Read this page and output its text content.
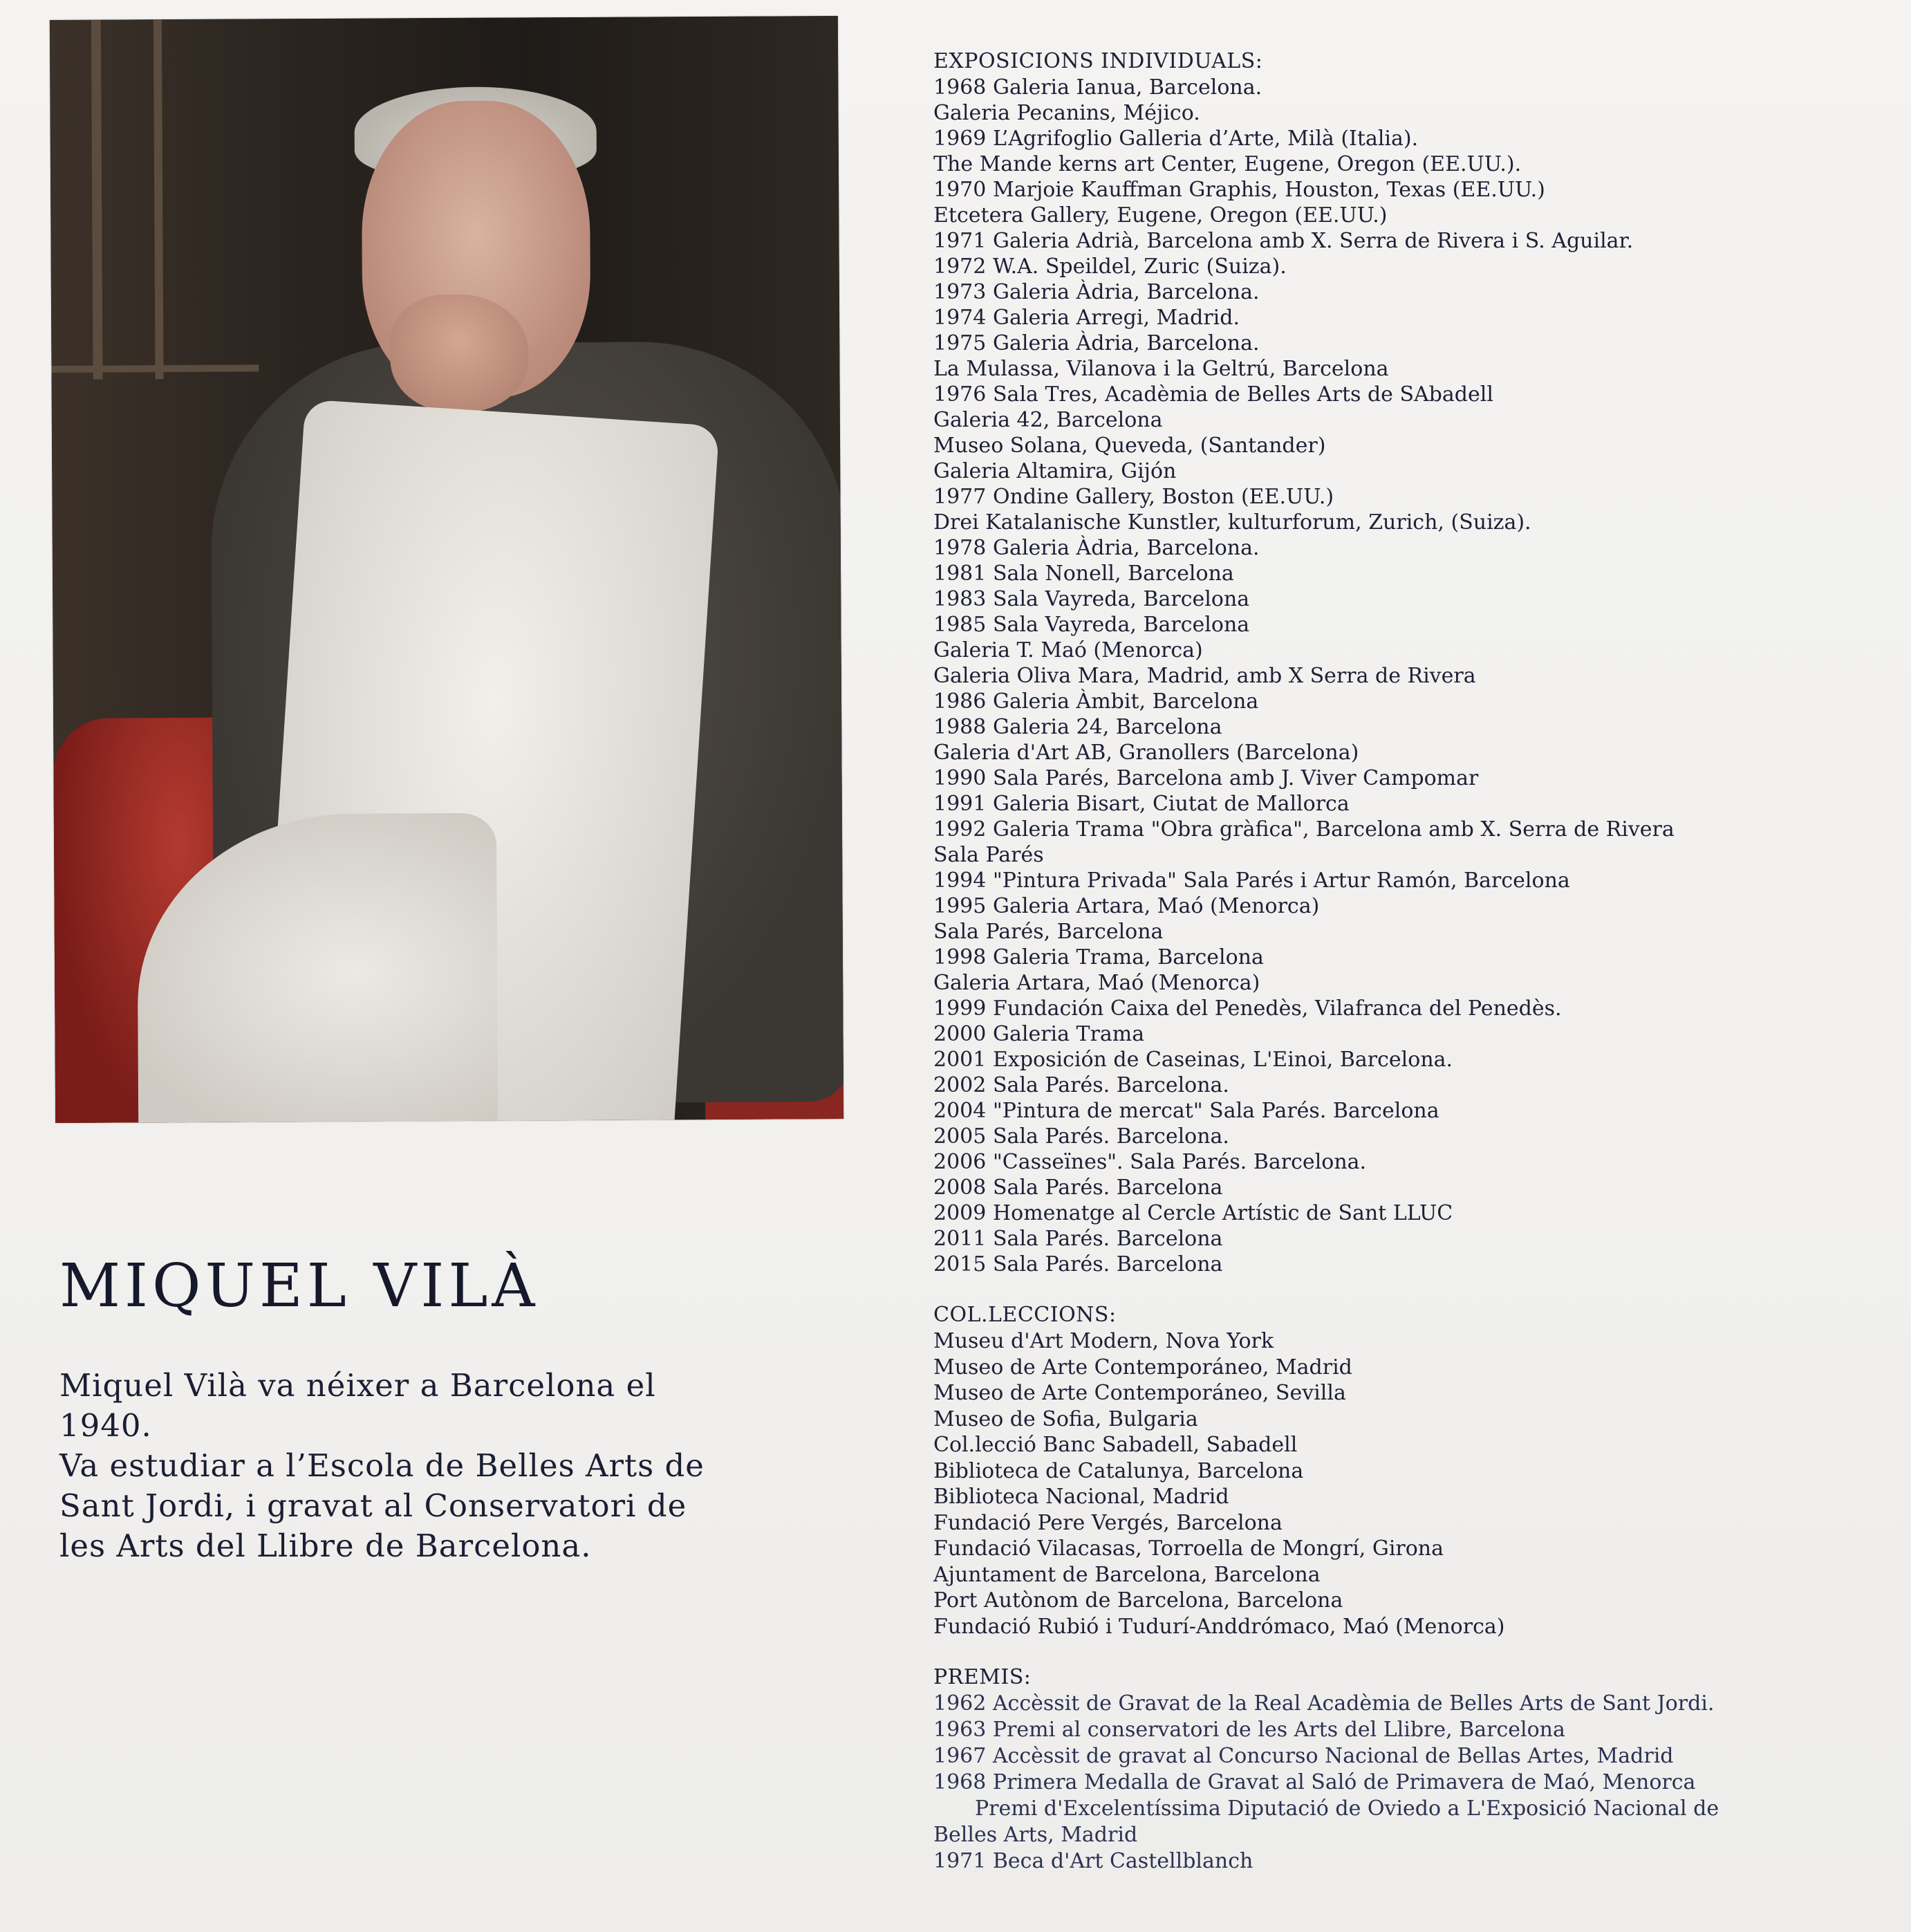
MIQUEL VILÀ

Miquel Vilà va néixer a Barcelona el
1940.
Va estudiar a l’Escola de Belles Arts de
Sant Jordi, i gravat al Conservatori de
les Arts del Llibre de Barcelona.

EXPOSICIONS INDIVIDUALS:
1968 Galeria Ianua, Barcelona.
Galeria Pecanins, Méjico.
1969 L’Agrifoglio Galleria d’Arte, Milà (Italia).
The Mande kerns art Center, Eugene, Oregon (EE.UU.).
1970 Marjoie Kauffman Graphis, Houston, Texas (EE.UU.)
Etcetera Gallery, Eugene, Oregon (EE.UU.)
1971 Galeria Adrià, Barcelona amb X. Serra de Rivera i S. Aguilar.
1972 W.A. Speildel, Zuric (Suiza).
1973 Galeria Àdria, Barcelona.
1974 Galeria Arregi, Madrid.
1975 Galeria Àdria, Barcelona.
La Mulassa, Vilanova i la Geltrú, Barcelona
1976 Sala Tres, Acadèmia de Belles Arts de SAbadell
Galeria 42, Barcelona
Museo Solana, Queveda, (Santander)
Galeria Altamira, Gijón
1977 Ondine Gallery, Boston (EE.UU.)
Drei Katalanische Kunstler, kulturforum, Zurich, (Suiza).
1978 Galeria Àdria, Barcelona.
1981 Sala Nonell, Barcelona
1983 Sala Vayreda, Barcelona
1985 Sala Vayreda, Barcelona
Galeria T. Maó (Menorca)
Galeria Oliva Mara, Madrid, amb X Serra de Rivera
1986 Galeria Àmbit, Barcelona
1988 Galeria 24, Barcelona
Galeria d'Art AB, Granollers (Barcelona)
1990 Sala Parés, Barcelona amb J. Viver Campomar
1991 Galeria Bisart, Ciutat de Mallorca
1992 Galeria Trama "Obra gràfica", Barcelona amb X. Serra de Rivera
Sala Parés
1994 "Pintura Privada" Sala Parés i Artur Ramón, Barcelona
1995 Galeria Artara, Maó (Menorca)
Sala Parés, Barcelona
1998 Galeria Trama, Barcelona
Galeria Artara, Maó (Menorca)
1999 Fundación Caixa del Penedès, Vilafranca del Penedès.
2000 Galeria Trama
2001 Exposición de Caseinas, L'Einoi, Barcelona.
2002 Sala Parés. Barcelona.
2004 "Pintura de mercat" Sala Parés. Barcelona
2005 Sala Parés. Barcelona.
2006 "Casseïnes". Sala Parés. Barcelona.
2008 Sala Parés. Barcelona
2009 Homenatge al Cercle Artístic de Sant LLUC
2011 Sala Parés. Barcelona
2015 Sala Parés. Barcelona
COL.LECCIONS:
Museu d'Art Modern, Nova York
Museo de Arte Contemporáneo, Madrid
Museo de Arte Contemporáneo, Sevilla
Museo de Sofia, Bulgaria
Col.lecció Banc Sabadell, Sabadell
Biblioteca de Catalunya, Barcelona
Biblioteca Nacional, Madrid
Fundació Pere Vergés, Barcelona
Fundació Vilacasas, Torroella de Mongrí, Girona
Ajuntament de Barcelona, Barcelona
Port Autònom de Barcelona, Barcelona
Fundació Rubió i Tudurí-Anddrómaco, Maó (Menorca)
PREMIS:
1962 Accèssit de Gravat de la Real Acadèmia de Belles Arts de Sant Jordi.
1963 Premi al conservatori de les Arts del Llibre, Barcelona
1967 Accèssit de gravat al Concurso Nacional de Bellas Artes, Madrid
1968 Primera Medalla de Gravat al Saló de Primavera de Maó, Menorca
Premi d'Excelentíssima Diputació de Oviedo a L'Exposició Nacional de
Belles Arts, Madrid
1971 Beca d'Art Castellblanch
